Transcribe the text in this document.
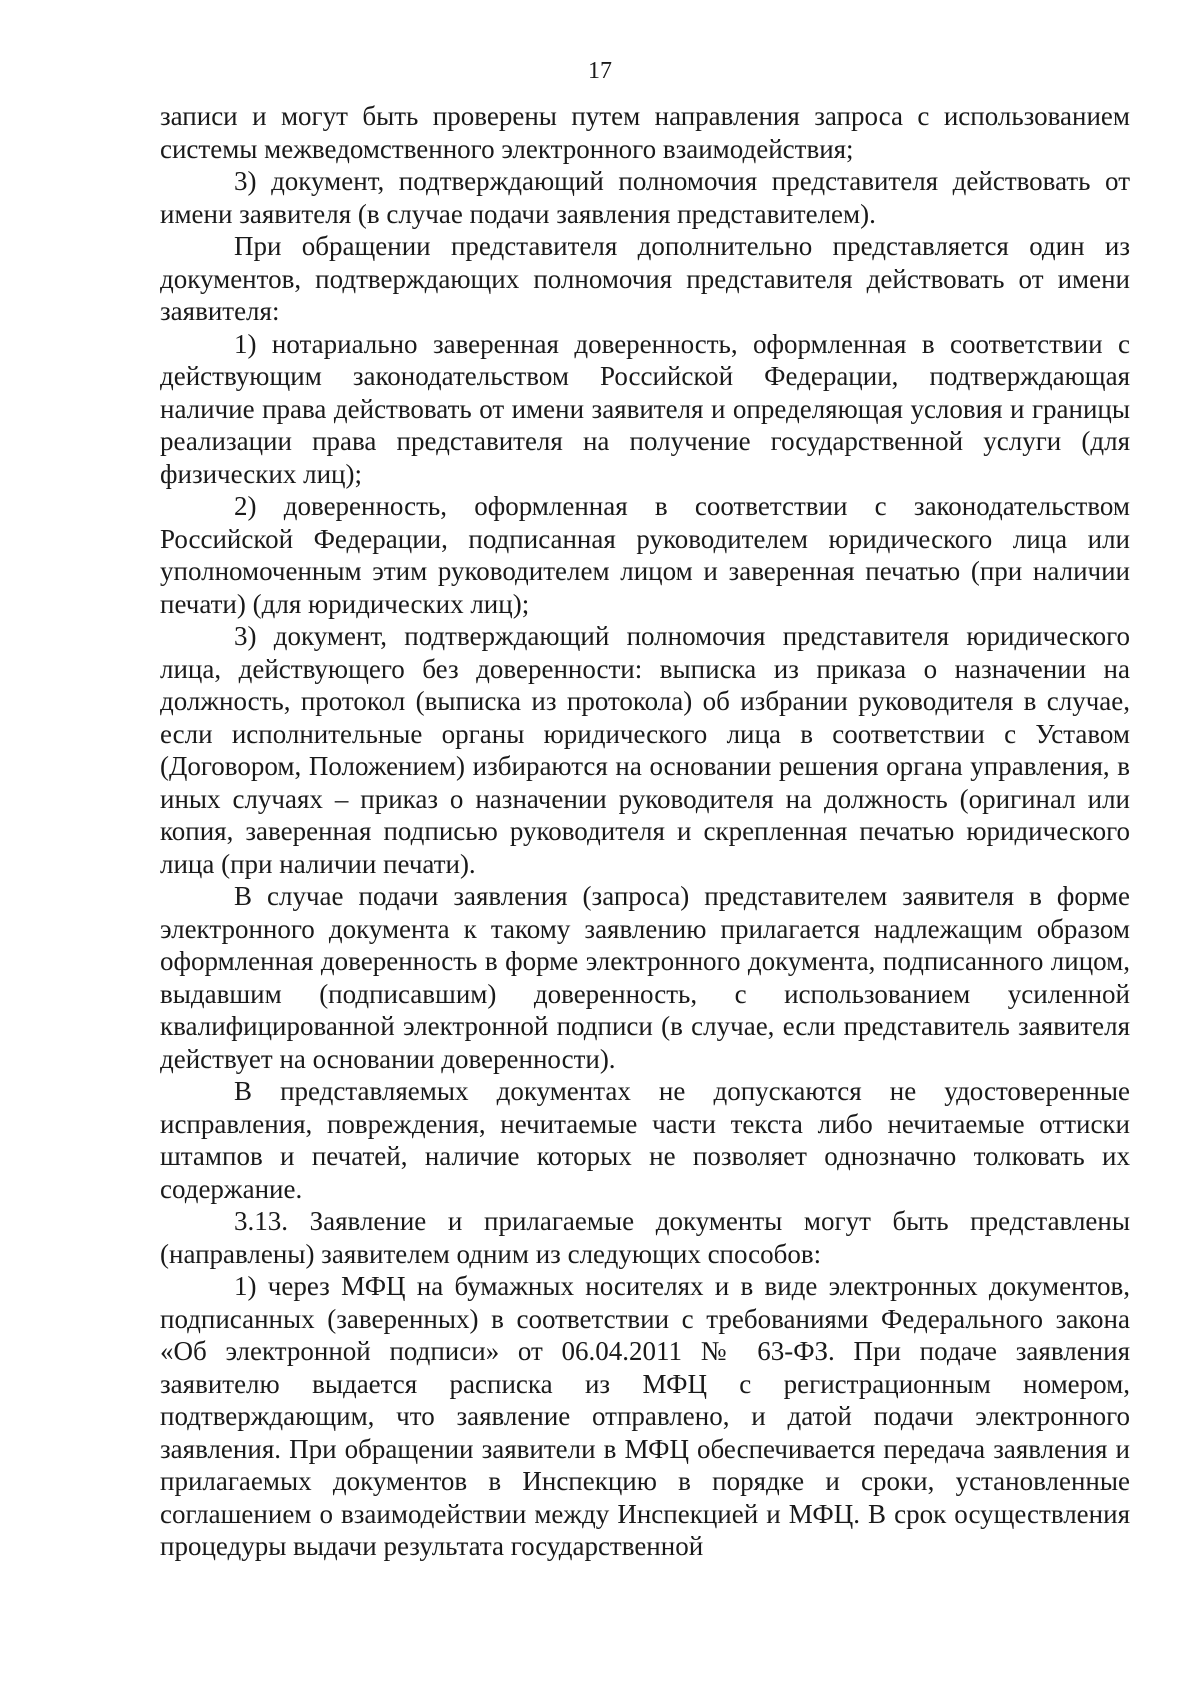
17

записи и могут быть проверены путем направления запроса с использованием системы межведомственного электронного взаимодействия;

3) документ, подтверждающий полномочия представителя действовать от имени заявителя (в случае подачи заявления представителем).

При обращении представителя дополнительно представляется один из документов, подтверждающих полномочия представителя действовать от имени заявителя:

1) нотариально заверенная доверенность, оформленная в соответствии с действующим законодательством Российской Федерации, подтверждающая наличие права действовать от имени заявителя и определяющая условия и границы реализации права представителя на получение государственной услуги (для физических лиц);

2) доверенность, оформленная в соответствии с законодательством Российской Федерации, подписанная руководителем юридического лица или уполномоченным этим руководителем лицом и заверенная печатью (при наличии печати) (для юридических лиц);

3) документ, подтверждающий полномочия представителя юридического лица, действующего без доверенности: выписка из приказа о назначении на должность, протокол (выписка из протокола) об избрании руководителя в случае, если исполнительные органы юридического лица в соответствии с Уставом (Договором, Положением) избираются на основании решения органа управления, в иных случаях – приказ о назначении руководителя на должность (оригинал или копия, заверенная подписью руководителя и скрепленная печатью юридического лица (при наличии печати).

В случае подачи заявления (запроса) представителем заявителя в форме электронного документа к такому заявлению прилагается надлежащим образом оформленная доверенность в форме электронного документа, подписанного лицом, выдавшим (подписавшим) доверенность, с использованием усиленной квалифицированной электронной подписи (в случае, если представитель заявителя действует на основании доверенности).

В представляемых документах не допускаются не удостоверенные исправления, повреждения, нечитаемые части текста либо нечитаемые оттиски штампов и печатей, наличие которых не позволяет однозначно толковать их содержание.

3.13. Заявление и прилагаемые документы могут быть представлены (направлены) заявителем одним из следующих способов:

1) через МФЦ на бумажных носителях и в виде электронных документов, подписанных (заверенных) в соответствии с требованиями Федерального закона «Об электронной подписи» от 06.04.2011 № 63-ФЗ. При подаче заявления заявителю выдается расписка из МФЦ с регистрационным номером, подтверждающим, что заявление отправлено, и датой подачи электронного заявления. При обращении заявители в МФЦ обеспечивается передача заявления и прилагаемых документов в Инспекцию в порядке и сроки, установленные соглашением о взаимодействии между Инспекцией и МФЦ. В срок осуществления процедуры выдачи результата государственной
